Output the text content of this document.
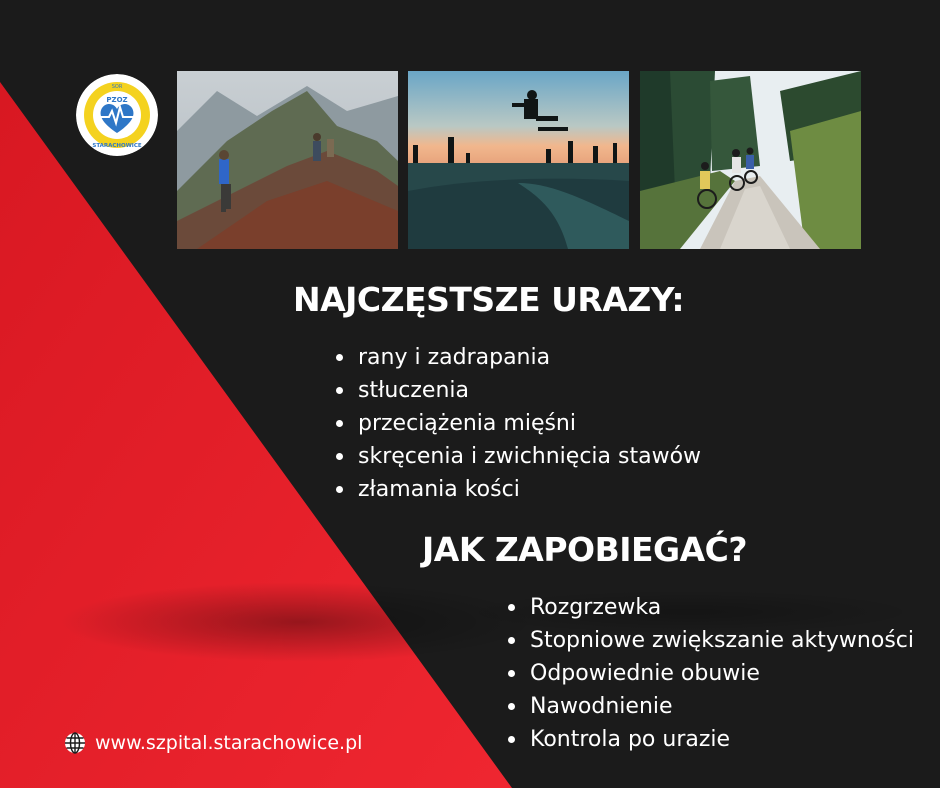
SOR
PZOZ
STARACHOWICE
NAJCZĘSTSZE URAZY:
rany i zadrapania
stłuczenia
przeciążenia mięśni
skręcenia i zwichnięcia stawów
złamania kości
JAK ZAPOBIEGAĆ?
Rozgrzewka
Stopniowe zwiększanie aktywności
Odpowiednie obuwie
Nawodnienie
Kontrola po urazie
www.szpital.starachowice.pl
